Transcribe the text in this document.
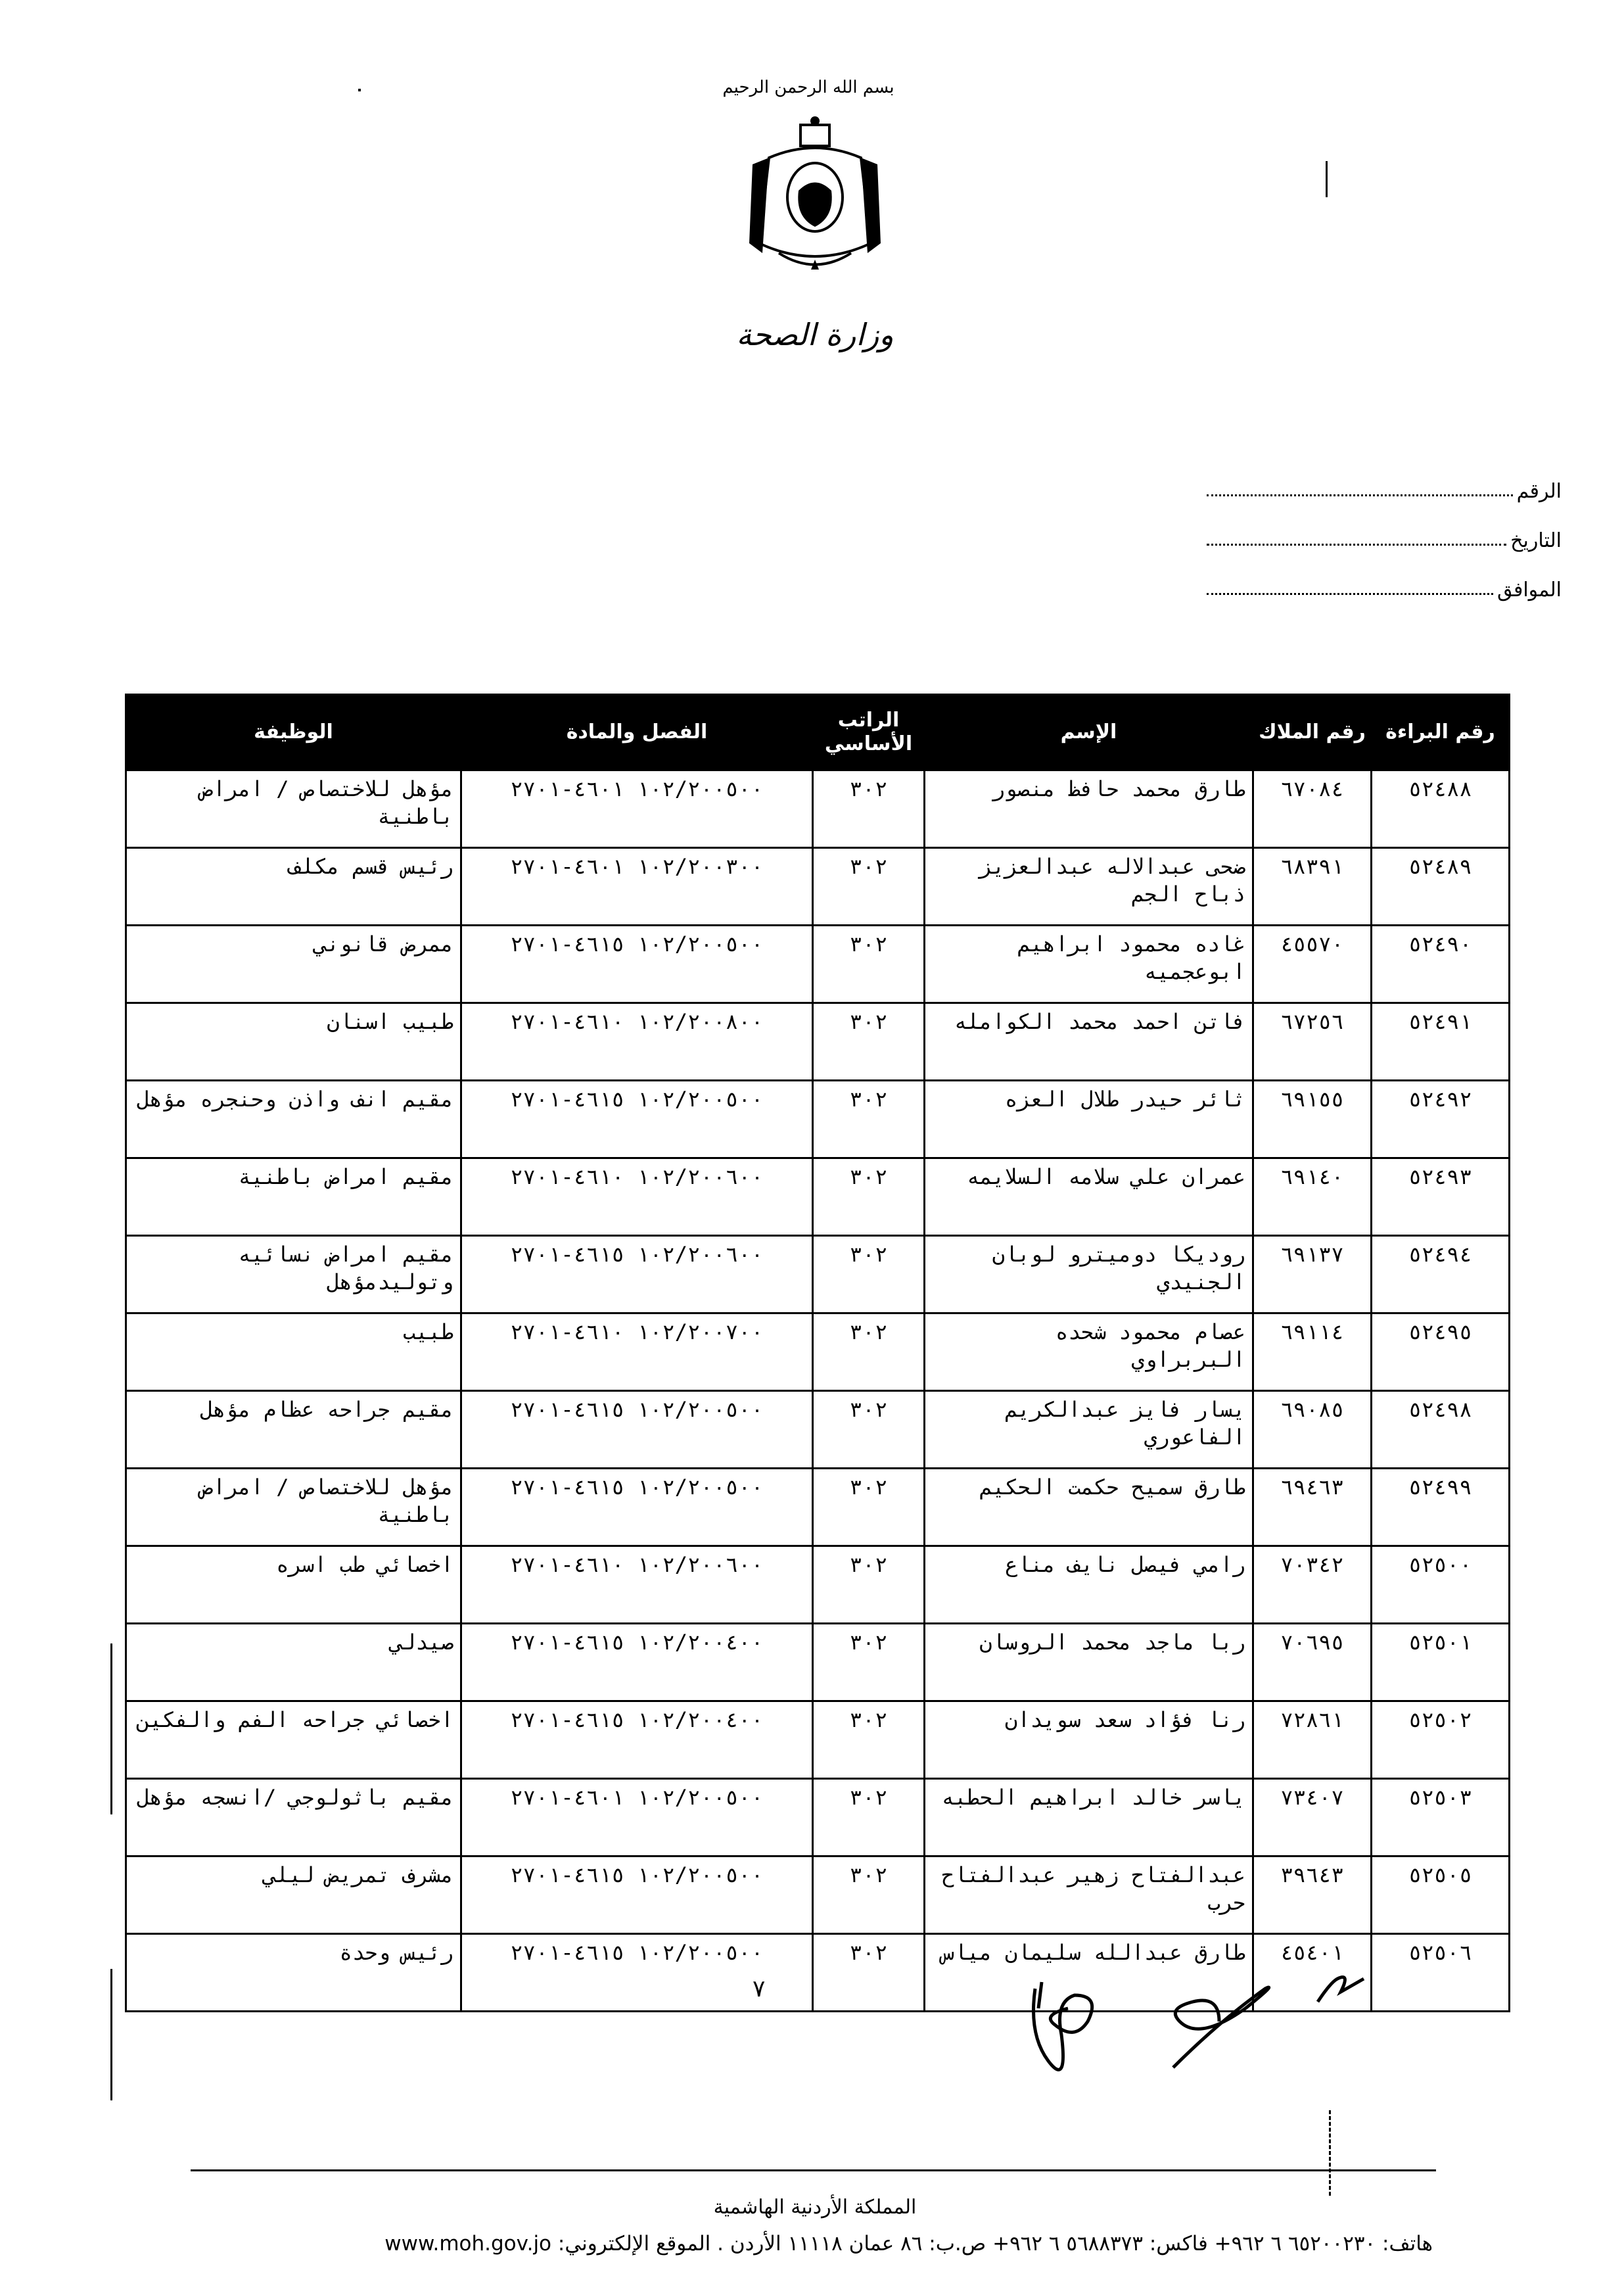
بسم الله الرحمن الرحيم
وزارة الصحة
الرقم
التاريخ
الموافق
رقم البراءة	رقم الملاك	الإسم	الراتب الأساسي	الفصل والمادة	الوظيفة
٥٢٤٨٨	٦٧٠٨٤	طارق محمد حافظ منصور	٣٠٢	١٠٢/٢٠٠٥٠٠ ٤٦٠١-٢٧٠١	مؤهل للاختصاص / امراض باطنية
٥٢٤٨٩	٦٨٣٩١	ضحى عبدالاله عبدالعزيز ذباح الجم	٣٠٢	١٠٢/٢٠٠٣٠٠ ٤٦٠١-٢٧٠١	رئيس قسم مكلف
٥٢٤٩٠	٤٥٥٧٠	غاده محمود ابراهيم ابوعجميه	٣٠٢	١٠٢/٢٠٠٥٠٠ ٤٦١٥-٢٧٠١	ممرض قانوني
٥٢٤٩١	٦٧٢٥٦	فاتن احمد محمد الكوامله	٣٠٢	١٠٢/٢٠٠٨٠٠ ٤٦١٠-٢٧٠١	طبيب اسنان
٥٢٤٩٢	٦٩١٥٥	ثائر حيدر طلال العزه	٣٠٢	١٠٢/٢٠٠٥٠٠ ٤٦١٥-٢٧٠١	مقيم انف واذن وحنجره مؤهل
٥٢٤٩٣	٦٩١٤٠	عمران علي سلامه السلايمه	٣٠٢	١٠٢/٢٠٠٦٠٠ ٤٦١٠-٢٧٠١	مقيم امراض باطنية
٥٢٤٩٤	٦٩١٣٧	روديكا دوميترو لوبان الجنيدي	٣٠٢	١٠٢/٢٠٠٦٠٠ ٤٦١٥-٢٧٠١	مقيم امراض نسائيه وتوليدمؤهل
٥٢٤٩٥	٦٩١١٤	عصام محمود شحده البربراوي	٣٠٢	١٠٢/٢٠٠٧٠٠ ٤٦١٠-٢٧٠١	طبيب
٥٢٤٩٨	٦٩٠٨٥	يسار فايز عبدالكريم الفاعوري	٣٠٢	١٠٢/٢٠٠٥٠٠ ٤٦١٥-٢٧٠١	مقيم جراحه عظام مؤهل
٥٢٤٩٩	٦٩٤٦٣	طارق سميح حكمت الحكيم	٣٠٢	١٠٢/٢٠٠٥٠٠ ٤٦١٥-٢٧٠١	مؤهل للاختصاص / امراض باطنية
٥٢٥٠٠	٧٠٣٤٢	رامي فيصل نايف مناع	٣٠٢	١٠٢/٢٠٠٦٠٠ ٤٦١٠-٢٧٠١	اخصائي طب اسره
٥٢٥٠١	٧٠٦٩٥	ربا ماجد محمد الروسان	٣٠٢	١٠٢/٢٠٠٤٠٠ ٤٦١٥-٢٧٠١	صيدلي
٥٢٥٠٢	٧٢٨٦١	رنا فؤاد سعد سويدان	٣٠٢	١٠٢/٢٠٠٤٠٠ ٤٦١٥-٢٧٠١	اخصائي جراحه الفم والفكين
٥٢٥٠٣	٧٣٤٠٧	ياسر خالد ابراهيم الحطبه	٣٠٢	١٠٢/٢٠٠٥٠٠ ٤٦٠١-٢٧٠١	مقيم باثولوجي /انسجه مؤهل
٥٢٥٠٥	٣٩٦٤٣	عبدالفتاح زهير عبدالفتاح حرب	٣٠٢	١٠٢/٢٠٠٥٠٠ ٤٦١٥-٢٧٠١	مشرف تمريض ليلي
٥٢٥٠٦	٤٥٤٠١	طارق عبدالله سليمان مياس	٣٠٢	١٠٢/٢٠٠٥٠٠ ٤٦١٥-٢٧٠١	رئيس وحدة
٧
المملكة الأردنية الهاشمية
هاتف: ٦٥٢٠٠٢٣٠ ٦ ٩٦٢+ فاكس: ٥٦٨٨٣٧٣ ٦ ٩٦٢+ ص.ب: ٨٦ عمان ١١١١٨ الأردن . الموقع الإلكتروني: www.moh.gov.jo
